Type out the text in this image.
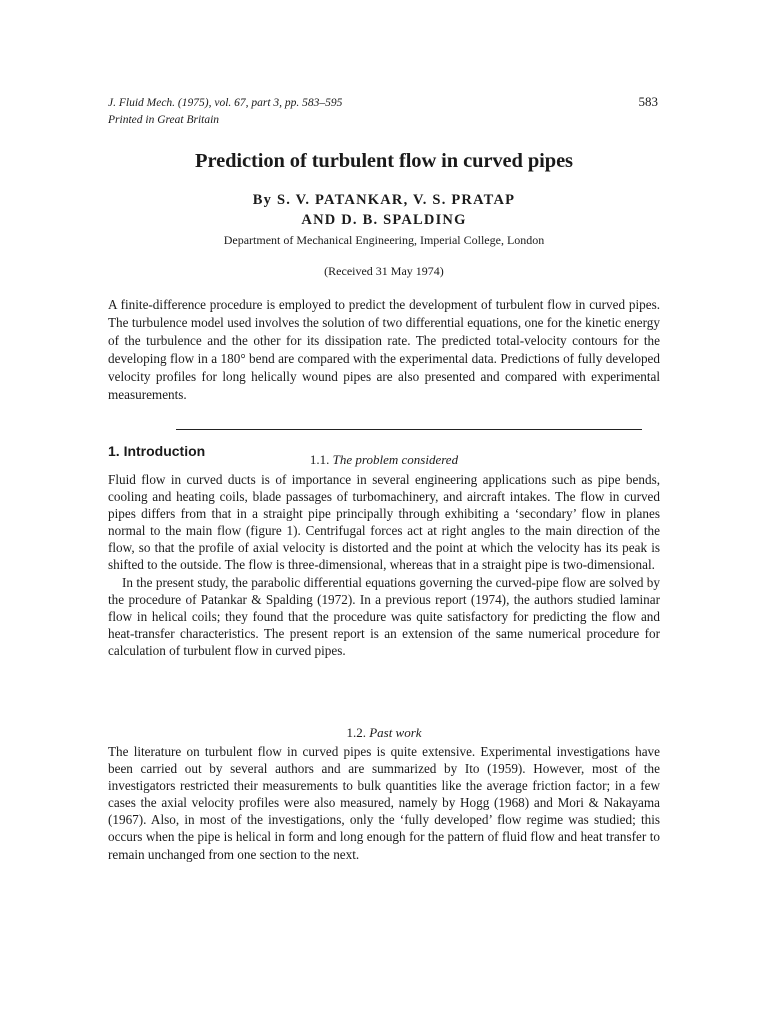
J. Fluid Mech. (1975), vol. 67, part 3, pp. 583–595
Printed in Great Britain
583
Prediction of turbulent flow in curved pipes
By S. V. PATANKAR, V. S. PRATAP
AND D. B. SPALDING
Department of Mechanical Engineering, Imperial College, London
(Received 31 May 1974)
A finite-difference procedure is employed to predict the development of turbulent flow in curved pipes. The turbulence model used involves the solution of two differential equations, one for the kinetic energy of the turbulence and the other for its dissipation rate. The predicted total-velocity contours for the developing flow in a 180° bend are compared with the experimental data. Predictions of fully developed velocity profiles for long helically wound pipes are also presented and compared with experimental measurements.
1. Introduction
1.1. The problem considered

Fluid flow in curved ducts is of importance in several engineering applications such as pipe bends, cooling and heating coils, blade passages of turbomachinery, and aircraft intakes. The flow in curved pipes differs from that in a straight pipe principally through exhibiting a ‘secondary’ flow in planes normal to the main flow (figure 1). Centrifugal forces act at right angles to the main direction of the flow, so that the profile of axial velocity is distorted and the point at which the velocity has its peak is shifted to the outside. The flow is three-dimensional, whereas that in a straight pipe is two-dimensional.

In the present study, the parabolic differential equations governing the curved-pipe flow are solved by the procedure of Patankar & Spalding (1972). In a previous report (1974), the authors studied laminar flow in helical coils; they found that the procedure was quite satisfactory for predicting the flow and heat-transfer characteristics. The present report is an extension of the same numerical procedure for calculation of turbulent flow in curved pipes.

1.2. Past work

The literature on turbulent flow in curved pipes is quite extensive. Experimental investigations have been carried out by several authors and are summarized by Ito (1959). However, most of the investigators restricted their measurements to bulk quantities like the average friction factor; in a few cases the axial velocity profiles were also measured, namely by Hogg (1968) and Mori & Nakayama (1967). Also, in most of the investigations, only the ‘fully developed’ flow regime was studied; this occurs when the pipe is helical in form and long enough for the pattern of fluid flow and heat transfer to remain unchanged from one section to the next.
